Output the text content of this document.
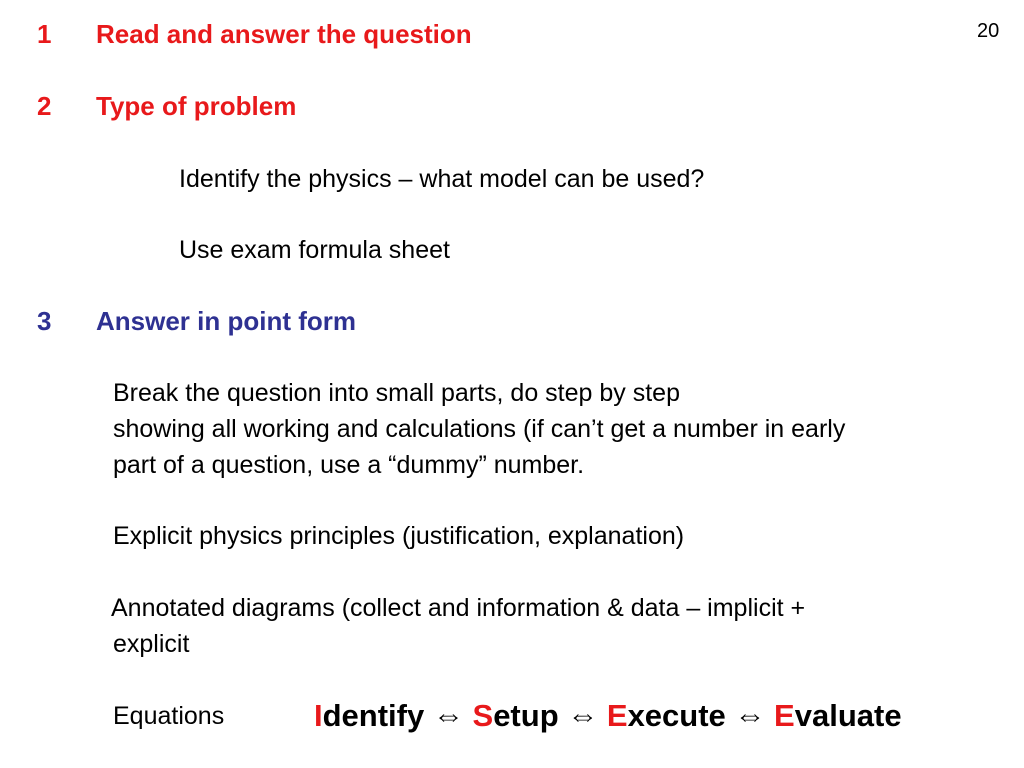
20
1 Read and answer the question
2 Type of problem
Identify the physics – what model can be used?
Use exam formula sheet
3 Answer in point form
Break the question into small parts, do step by step
showing all working and calculations (if can’t get a number in early
part of a question, use a “dummy” number.
Explicit physics principles (justification, explanation)
Annotated diagrams (collect and information & data – implicit +
explicit
Equations	Identify ⇔ Setup ⇔ Execute ⇔ Evaluate
